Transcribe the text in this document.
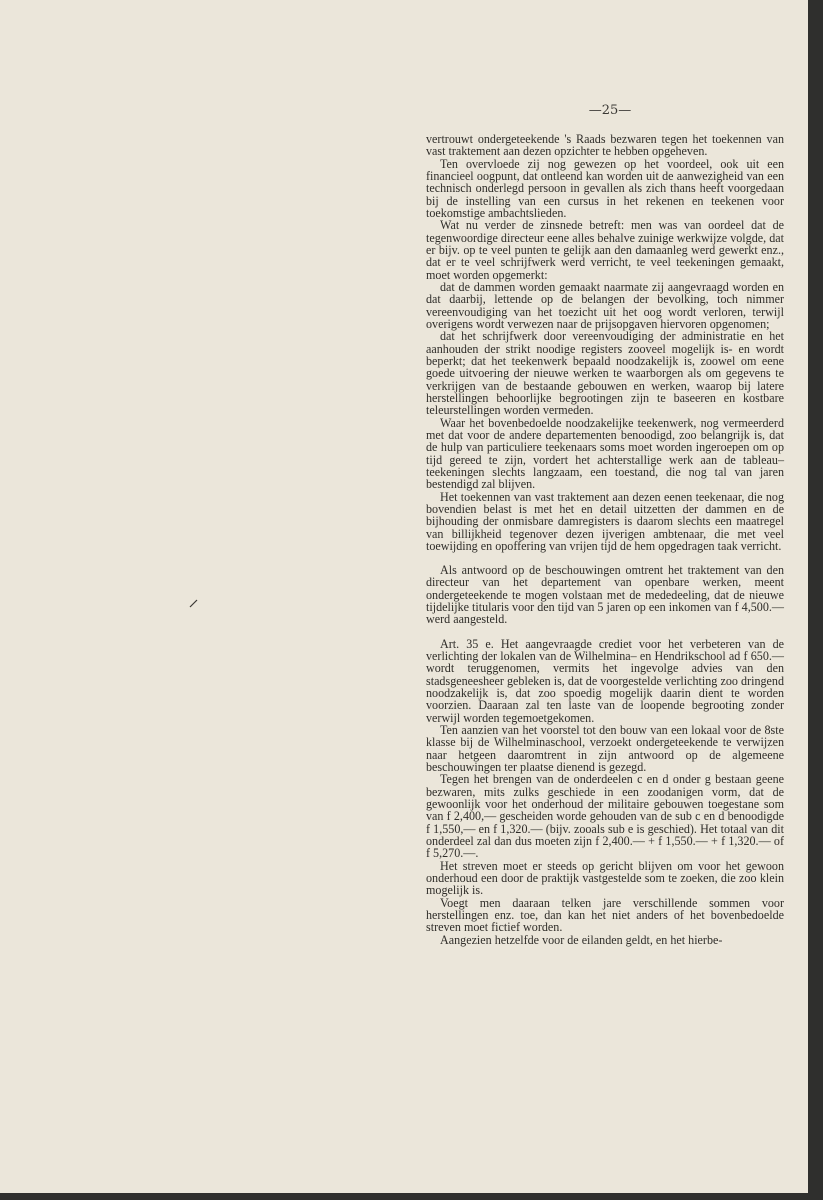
—25—

vertrouwt ondergeteekende 's Raads bezwaren tegen het toekennen van vast traktement aan dezen opzichter te hebben opgeheven.

Ten overvloede zij nog gewezen op het voordeel, ook uit een financieel oogpunt, dat ontleend kan worden uit de aanwezigheid van een technisch onderlegd persoon in gevallen als zich thans heeft voorgedaan bij de instelling van een cursus in het rekenen en teekenen voor toekomstige ambachtslieden.

Wat nu verder de zinsnede betreft: men was van oordeel dat de tegenwoordige directeur eene alles behalve zuinige werkwijze volgde, dat er bijv. op te veel punten te gelijk aan den damaanleg werd gewerkt enz., dat er te veel schrijfwerk werd verricht, te veel teekeningen gemaakt, moet worden opgemerkt:

dat de dammen worden gemaakt naarmate zij aangevraagd worden en dat daarbij, lettende op de belangen der bevolking, toch nimmer vereenvoudiging van het toezicht uit het oog wordt verloren, terwijl overigens wordt verwezen naar de prijsopgaven hiervoren opgenomen;

dat het schrijfwerk door vereenvoudiging der administratie en het aanhouden der strikt noodige registers zooveel mogelijk is- en wordt beperkt; dat het teekenwerk bepaald noodzakelijk is, zoowel om eene goede uitvoering der nieuwe werken te waarborgen als om gegevens te verkrijgen van de bestaande gebouwen en werken, waarop bij latere herstellingen behoorlijke begrootingen zijn te baseeren en kostbare teleurstellingen worden vermeden.

Waar het bovenbedoelde noodzakelijke teekenwerk, nog vermeerderd met dat voor de andere departementen benoodigd, zoo belangrijk is, dat de hulp van particuliere teekenaars soms moet worden ingeroepen om op tijd gereed te zijn, vordert het achterstallige werk aan de tableau–teekeningen slechts langzaam, een toestand, die nog tal van jaren bestendigd zal blijven.

Het toekennen van vast traktement aan dezen eenen teekenaar, die nog bovendien belast is met het en detail uitzetten der dammen en de bijhouding der onmisbare damregisters is daarom slechts een maatregel van billijkheid tegenover dezen ijverigen ambtenaar, die met veel toewijding en opoffering van vrijen tijd de hem opgedragen taak verricht.

Als antwoord op de beschouwingen omtrent het traktement van den directeur van het departement van openbare werken, meent ondergeteekende te mogen volstaan met de mededeeling, dat de nieuwe tijdelijke titularis voor den tijd van 5 jaren op een inkomen van f 4,500.— werd aangesteld.

Art. 35 e. Het aangevraagde crediet voor het verbeteren van de verlichting der lokalen van de Wilhelmina– en Hendrikschool ad f 650.— wordt teruggenomen, vermits het ingevolge advies van den stadsgeneesheer gebleken is, dat de voorgestelde verlichting zoo dringend noodzakelijk is, dat zoo spoedig mogelijk daarin dient te worden voorzien. Daaraan zal ten laste van de loopende begrooting zonder verwijl worden tegemoetgekomen.

Ten aanzien van het voorstel tot den bouw van een lokaal voor de 8ste klasse bij de Wilhelminaschool, verzoekt ondergeteekende te verwijzen naar hetgeen daaromtrent in zijn antwoord op de algemeene beschouwingen ter plaatse dienend is gezegd.

Tegen het brengen van de onderdeelen c en d onder g bestaan geene bezwaren, mits zulks geschiede in een zoodanigen vorm, dat de gewoonlijk voor het onderhoud der militaire gebouwen toegestane som van f 2,400,— gescheiden worde gehouden van de sub c en d benoodigde f 1,550,— en f 1,320.— (bijv. zooals sub e is geschied). Het totaal van dit onderdeel zal dan dus moeten zijn f 2,400.— + f 1,550.— + f 1,320.— of f 5,270.—.

Het streven moet er steeds op gericht blijven om voor het gewoon onderhoud een door de praktijk vastgestelde som te zoeken, die zoo klein mogelijk is.

Voegt men daaraan telken jare verschillende sommen voor herstellingen enz. toe, dan kan het niet anders of het bovenbedoelde streven moet fictief worden.

Aangezien hetzelfde voor de eilanden geldt, en het hierbe-
